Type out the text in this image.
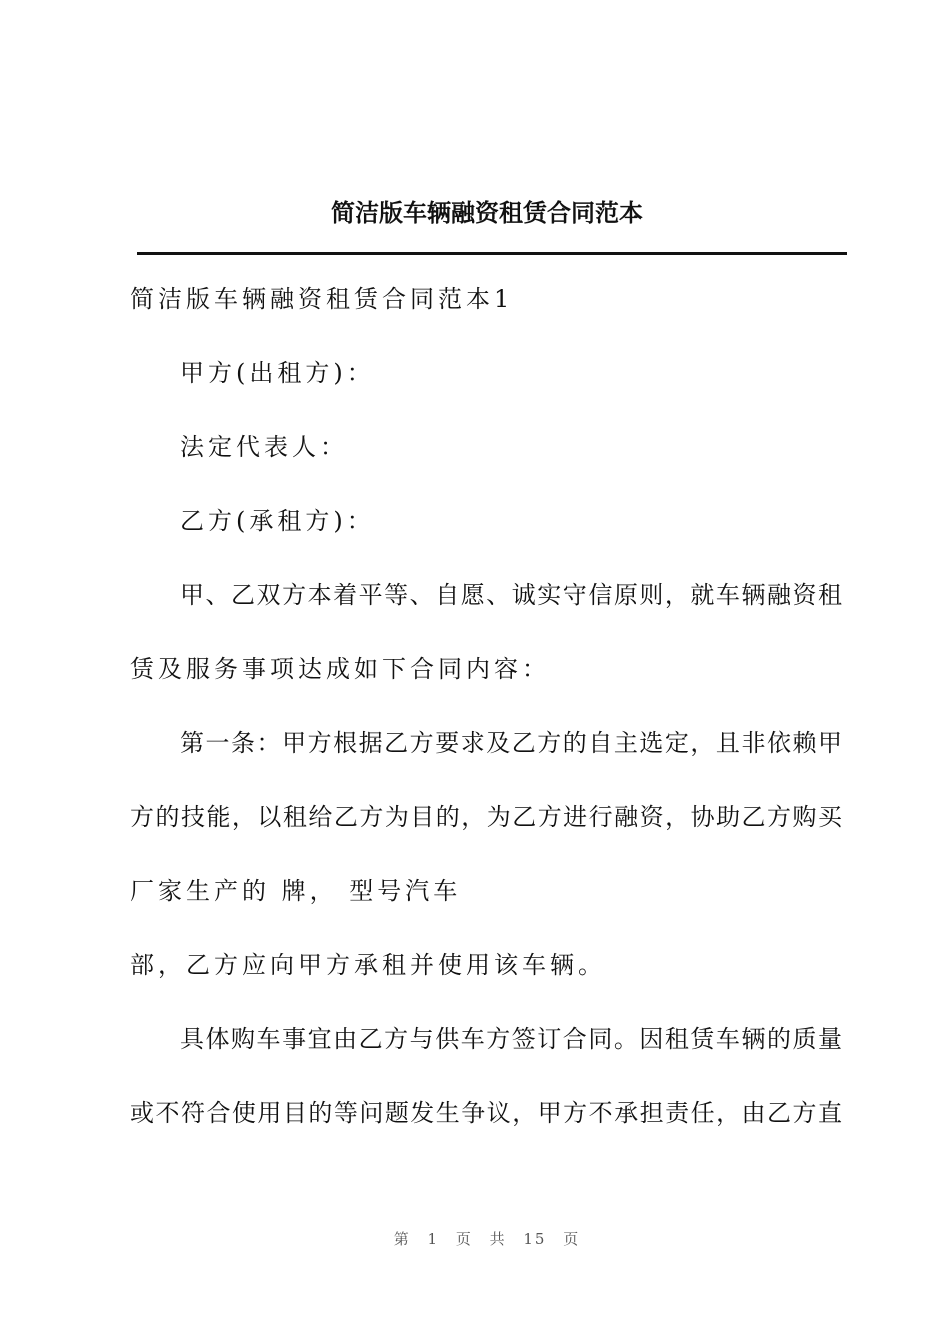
简洁版车辆融资租赁合同范本

简洁版车辆融资租赁合同范本1

甲方(出租方)：

法定代表人：

乙方(承租方)：

甲、乙双方本着平等、自愿、诚实守信原则，就车辆融资租

赁及服务事项达成如下合同内容：

第一条：甲方根据乙方要求及乙方的自主选定，且非依赖甲

方的技能，以租给乙方为目的，为乙方进行融资，协助乙方购买

厂家生产的 牌， 型号汽车

部，乙方应向甲方承租并使用该车辆。

具体购车事宜由乙方与供车方签订合同。因租赁车辆的质量

或不符合使用目的等问题发生争议，甲方不承担责任，由乙方直

第 1 页 共 15 页
